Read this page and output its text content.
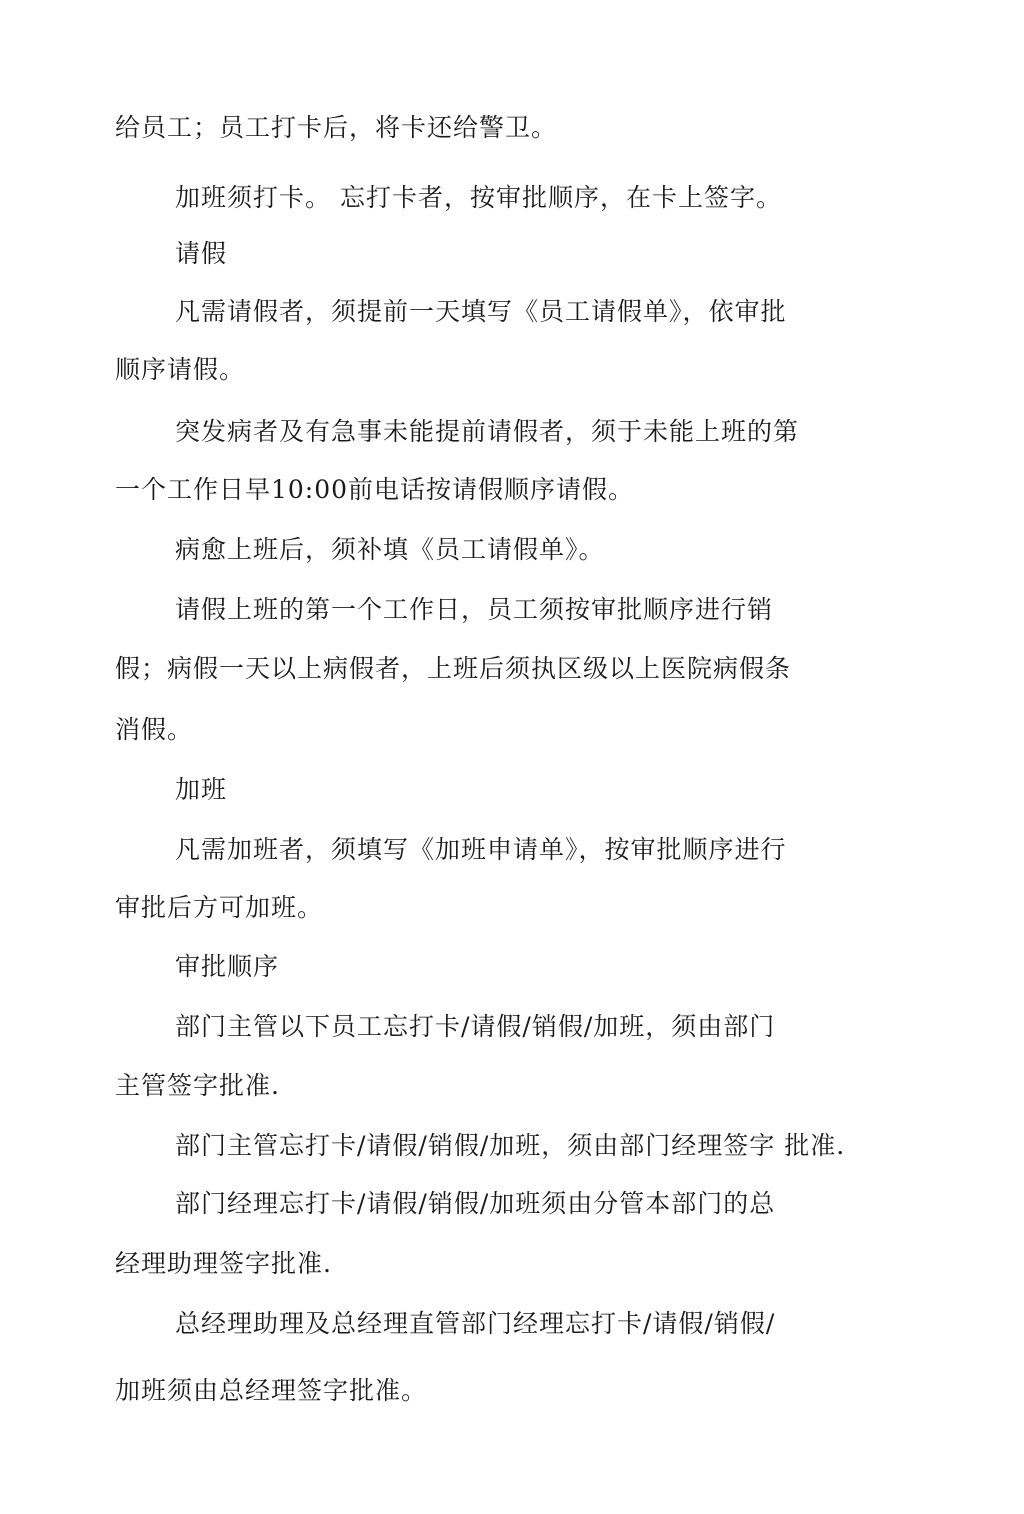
给员工；员工打卡后，将卡还给警卫。
加班须打卡。 忘打卡者，按审批顺序，在卡上签字。
请假
凡需请假者，须提前一天填写《员工请假单》，依审批
顺序请假。
突发病者及有急事未能提前请假者，须于未能上班的第
一个工作日早10:00前电话按请假顺序请假。
病愈上班后，须补填《员工请假单》。
请假上班的第一个工作日，员工须按审批顺序进行销
假；病假一天以上病假者，上班后须执区级以上医院病假条
消假。
加班
凡需加班者，须填写《加班申请单》，按审批顺序进行
审批后方可加班。
审批顺序
部门主管以下员工忘打卡/请假/销假/加班，须由部门
主管签字批准.
部门主管忘打卡/请假/销假/加班，须由部门经理签字 批准.
部门经理忘打卡/请假/销假/加班须由分管本部门的总
经理助理签字批准.
总经理助理及总经理直管部门经理忘打卡/请假/销假/
加班须由总经理签字批准。
